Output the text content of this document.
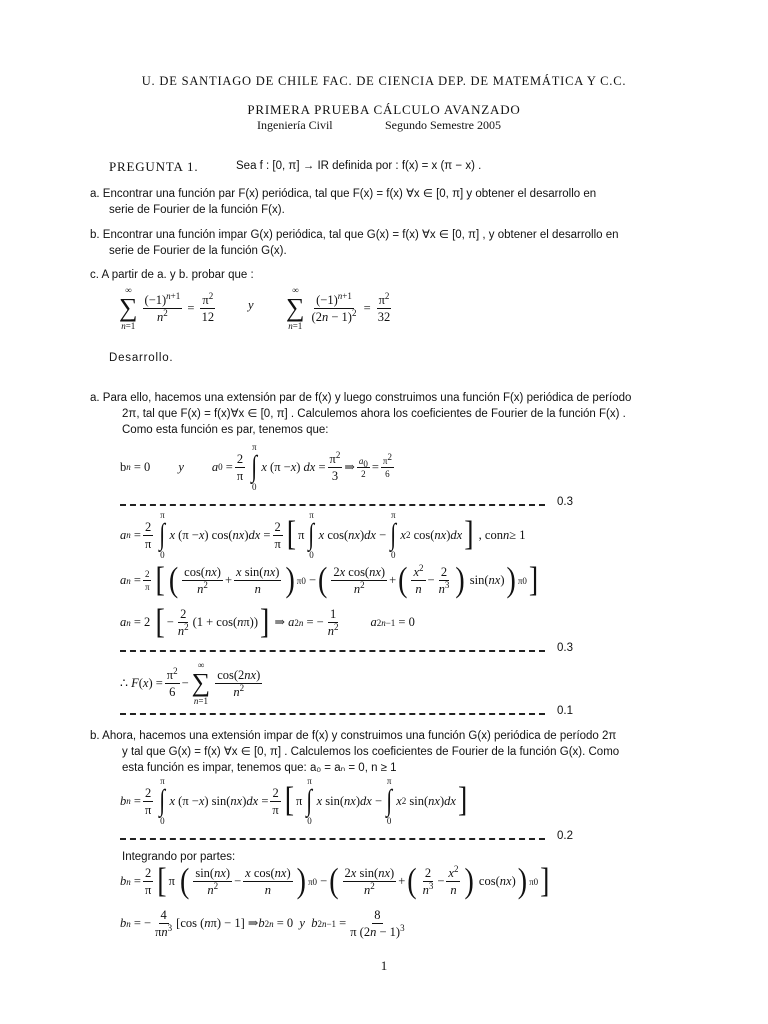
U. DE SANTIAGO DE CHILE FAC. DE CIENCIA DEP. DE MATEMÁTICA Y C.C.
PRIMERA PRUEBA CÁLCULO AVANZADO
Ingeniería Civil	Segundo Semestre 2005
PREGUNTA 1.	Sea f : [0, π] → IR definida por : f(x) = x (π − x) .
a. Encontrar una función par F(x) periódica, tal que F(x) = f(x) ∀x ∈ [0, π] y obtener el desarrollo en
serie de Fourier de la función F(x).
b. Encontrar una función impar G(x) periódica, tal que G(x) = f(x) ∀x ∈ [0, π] , y obtener el desarrollo en
serie de Fourier de la función G(x).
c. A partir de a. y b. probar que :
∞
∑
n=1
$(-1)^{n+1}$
$n^2$ =
$\pi^2$
12
y
∞
∑
n=1
$(-1)^{n+1}$
$(2n - 1)^2$ =
$\pi^2$
32
Desarrollo.
a. Para ello, hacemos una extensión par de f(x) y luego construimos una función F(x) periódica de período
2π, tal que F(x) = f(x)∀x ∈ [0, π] . Calculemos ahora los coeficientes de Fourier de la función F(x) .
Como esta función es par, tenemos que:
b n = 0 y a 0 =
2
π
π
∫
0
x (π − x ) dx =
$\pi^2$
3
⇒ $a_0$
$2 = \pi^2$
6
0.3
a n =
2
π
π
∫
0
x (π − x ) cos( nx ) dx =
2
π [ π
π
∫
0
x cos( nx ) dx −
π
∫
0
x 2 cos( nx ) dx ] , con n ≥ 1
a n = 2
π [ ( cos(nx)
$n^2$ +
x sin(nx)
n ) π 0 − ( 2x cos(nx)
$n^2$ + ( $x^2$
n
−
2
$n^3$ ) sin( nx ) ) π 0 ]
a n = 2 [ −
2
$n^2$ (1 + cos( n π)) ] ⇒ a 2n = −
1
$n^2$	a 2n−1 = 0
0.3
∴ F ( x ) =
$\pi^2$
6
−
∞
∑
n=1
cos(2nx)
$n^2$
0.1
b. Ahora, hacemos una extensión impar de f(x) y construimos una función G(x) periódica de período 2π
y tal que G(x) = f(x) ∀x ∈ [0, π] . Calculemos los coeficientes de Fourier de la función G(x). Como
esta función es impar, tenemos que: a₀ = aₙ = 0, n ≥ 1
b n =
2
π
π
∫
0
x (π − x ) sin( nx ) dx =
2
π [ π
π
∫
0
x sin( nx ) dx −
π
∫
0
x 2 sin( nx ) dx ]
0.2
Integrando por partes:
b n =
2
π [ π ( sin(nx)
$n^2$ −
x cos(nx)
n ) π 0 − ( 2x sin(nx)
$n^2$ + ( 2
$n^3$ −
$x^2$
n ) cos( nx ) ) π 0 ]
b n = −
4
$\pi n^3$ [cos ( n π) − 1] ⇒ b 2n = 0 y
b 2n−1 =
8
π $(2n - 1)^3$
1
